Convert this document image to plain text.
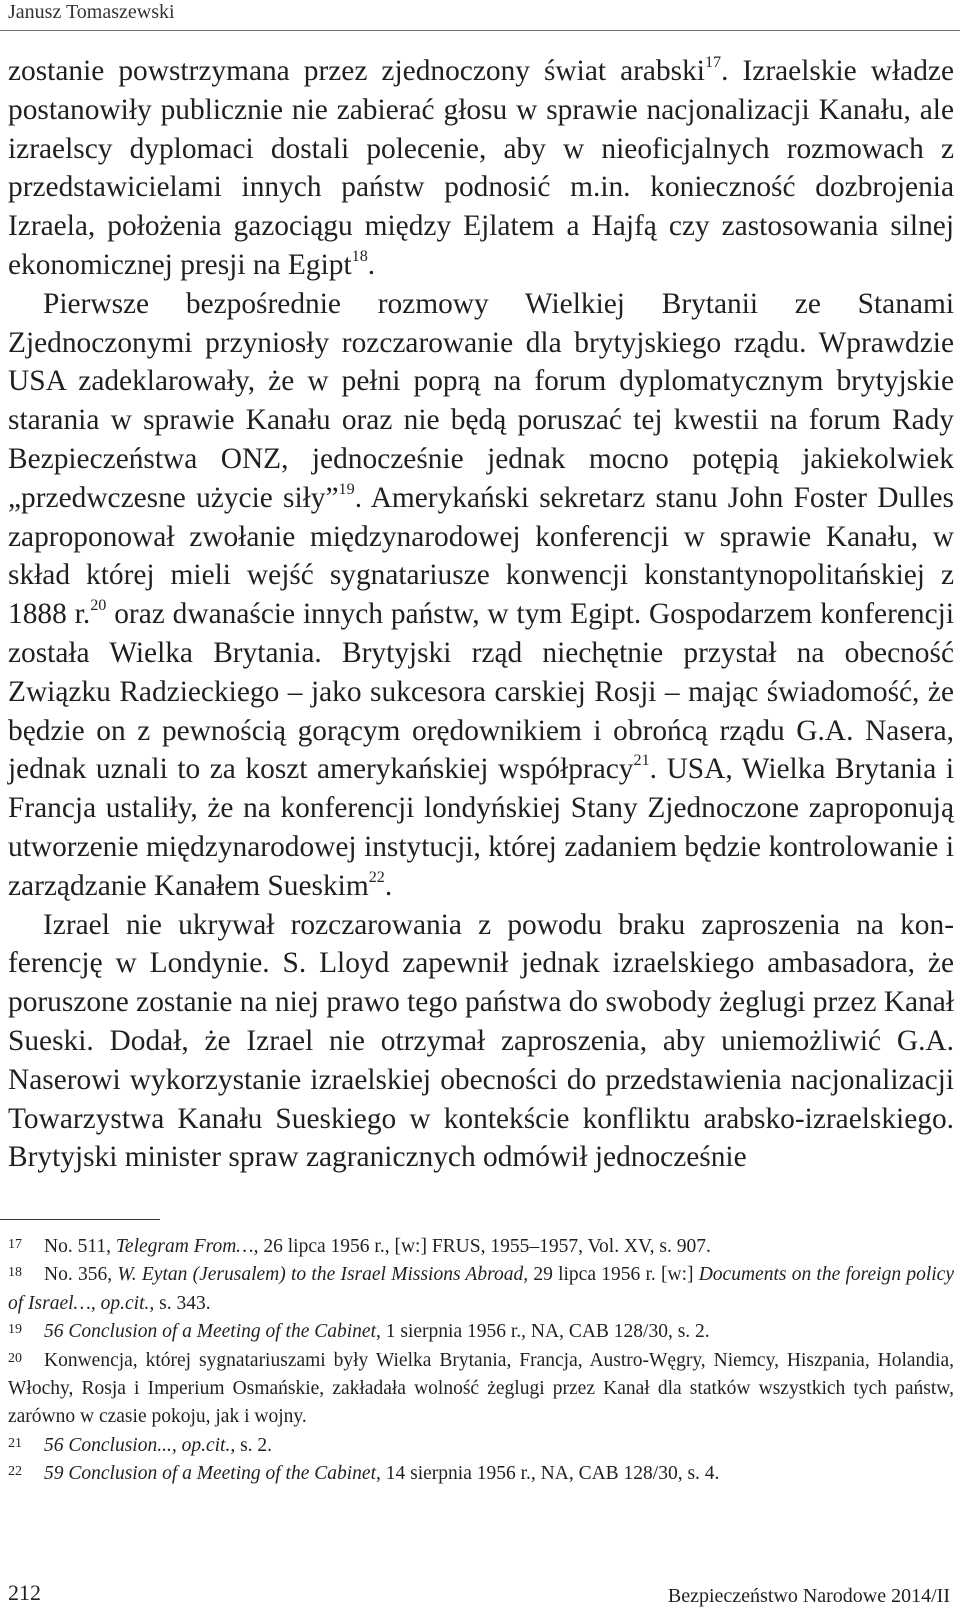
Janusz Tomaszewski

zostanie powstrzymana przez zjednoczony świat arabski$^{17}$. Izraelskie władze postanowiły publicznie nie zabierać głosu w sprawie nacjonalizacji Kanału, ale izraelscy dyplomaci dostali polecenie, aby w nieoficjalnych rozmowach z przedstawicielami innych państw podnosić m.in. konieczność dozbrojenia Izraela, położenia gazociągu między Ejlatem a Hajfą czy zastosowania silnej ekonomicznej presji na Egipt$^{18}$.

Pierwsze bezpośrednie rozmowy Wielkiej Brytanii ze Stanami Zjednoczonymi przyniosły rozczarowanie dla brytyjskiego rządu. Wprawdzie USA zadeklarowały, że w pełni poprą na forum dyplomatycznym brytyjskie starania w sprawie Kanału oraz nie będą poruszać tej kwestii na forum Rady Bezpieczeństwa ONZ, jednocześnie jednak mocno potępią jakiekolwiek „przedwczesne użycie siły”$^{19}$. Amerykański sekretarz stanu John Foster Dulles zaproponował zwołanie międzynarodowej konferencji w sprawie Kanału, w skład której mieli wejść sygnatariusze konwencji konstantynopolitańskiej z 1888 r.$^{20}$ oraz dwanaście innych państw, w tym Egipt. Gospodarzem konferencji została Wielka Brytania. Brytyjski rząd niechętnie przystał na obecność Związku Radzieckiego – jako sukcesora carskiej Rosji – mając świadomość, że będzie on z pewnością gorącym orędownikiem i obrońcą rządu G.A. Nasera, jednak uznali to za koszt amerykańskiej współpracy$^{21}$. USA, Wielka Brytania i Francja ustaliły, że na konferencji londyńskiej Stany Zjednoczone zaproponują utworzenie międzynarodowej instytucji, której zadaniem będzie kontrolowanie i zarządzanie Kanałem Sueskim$^{22}$.

Izrael nie ukrywał rozczarowania z powodu braku zaproszenia na konferencję w Londynie. S. Lloyd zapewnił jednak izraelskiego ambasadora, że poruszone zostanie na niej prawo tego państwa do swobody żeglugi przez Kanał Sueski. Dodał, że Izrael nie otrzymał zaproszenia, aby uniemożliwić G.A. Naserowi wykorzystanie izraelskiej obecności do przedstawienia nacjonalizacji Towarzystwa Kanału Sueskiego w kontekście konfliktu arabsko-izraelskiego. Brytyjski minister spraw zagranicznych odmówił jednocześnie

17 No. 511, Telegram From…, 26 lipca 1956 r., [w:] FRUS, 1955–1957, Vol. XV, s. 907.

18 No. 356, W. Eytan (Jerusalem) to the Israel Missions Abroad, 29 lipca 1956 r. [w:] Documents on the foreign policy of Israel…, op.cit., s. 343.

19 56 Conclusion of a Meeting of the Cabinet, 1 sierpnia 1956 r., NA, CAB 128/30, s. 2.

20 Konwencja, której sygnatariuszami były Wielka Brytania, Francja, Austro-Węgry, Niemcy, Hiszpania, Holandia, Włochy, Rosja i Imperium Osmańskie, zakładała wolność żeglugi przez Kanał dla statków wszystkich tych państw, zarówno w czasie pokoju, jak i wojny.

21 56 Conclusion..., op.cit., s. 2.

22 59 Conclusion of a Meeting of the Cabinet, 14 sierpnia 1956 r., NA, CAB 128/30, s. 4.

212	Bezpieczeństwo Narodowe 2014/II
